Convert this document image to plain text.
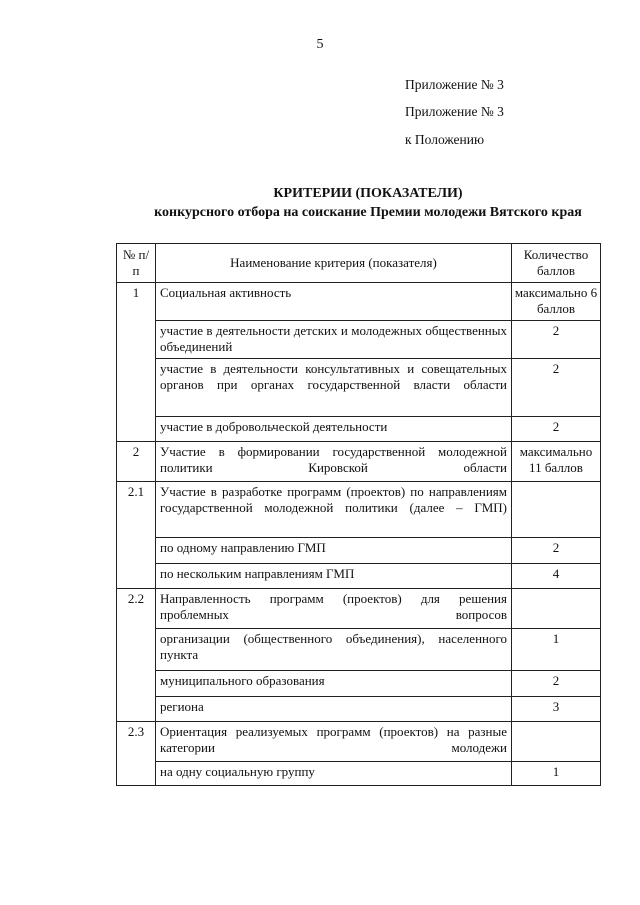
5
Приложение № 3
Приложение № 3
к Положению
КРИТЕРИИ (ПОКАЗАТЕЛИ)
конкурсного отбора на соискание Премии молодежи Вятского края
№ п/п	Наименование критерия (показателя)	Количество баллов
1	Социальная активность	максимально 6 баллов
	участие в деятельности детских и молодежных общественных объединений	2
	участие в деятельности консультативных и совещательных органов при органах государственной власти области	2
	участие в добровольческой деятельности	2
2	Участие в формировании государственной молодежной политики Кировской области	максимально 11 баллов
2.1	Участие в разработке программ (проектов) по направлениям государственной молодежной политики (далее – ГМП)	
	по одному направлению ГМП	2
	по нескольким направлениям ГМП	4
2.2	Направленность программ (проектов) для решения проблемных вопросов	
	организации (общественного объединения), населенного пункта	1
	муниципального образования	2
	региона	3
2.3	Ориентация реализуемых программ (проектов) на разные категории молодежи	
	на одну социальную группу	1
